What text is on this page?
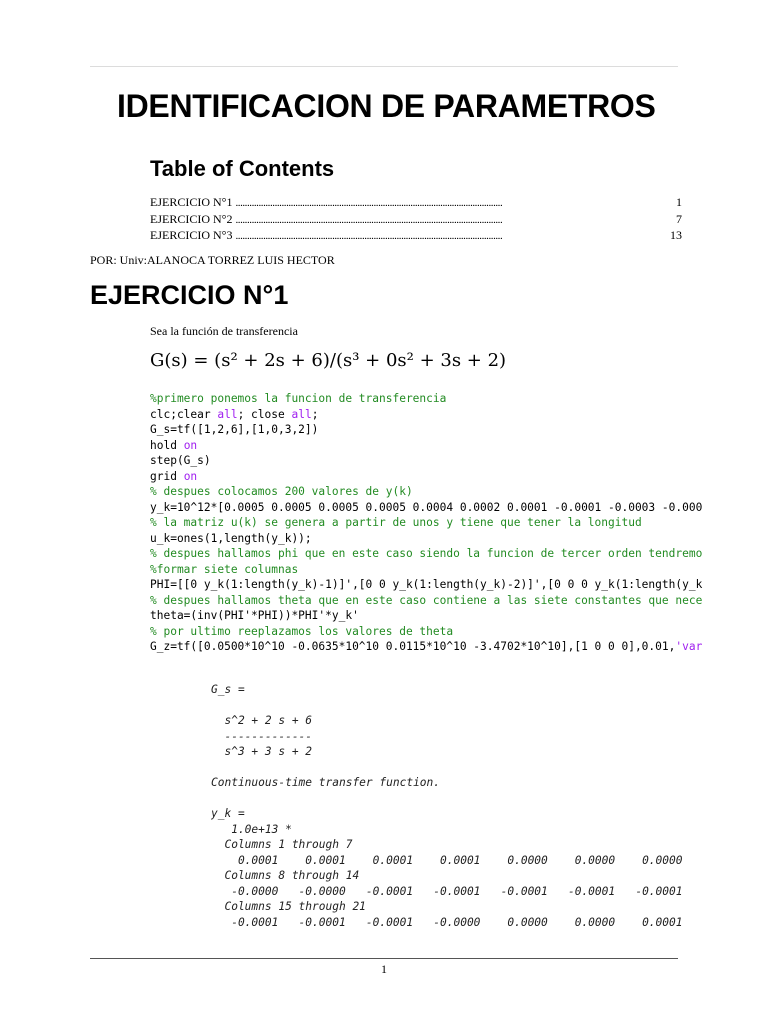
IDENTIFICACION DE PARAMETROS
Table of Contents
EJERCICIO N°1 . . .	1
EJERCICIO N°2 . . .	7
EJERCICIO N°3 . . .	13
POR: Univ:ALANOCA TORREZ LUIS HECTOR
EJERCICIO N°1
Sea la función de transferencia
G(s) = (s² + 2s + 6)/(s³ + 0s² + 3s + 2)
%primero ponemos la funcion de transferencia
clc;clear all; close all;
G_s=tf([1,2,6],[1,0,3,2])
hold on
step(G_s)
grid on
% despues colocamos 200 valores de y(k)
y_k=10^12*[0.0005 0.0005 0.0005 0.0005 0.0004 0.0002 0.0001 -0.0001 -0.0003 -0.000
% la matriz u(k) se genera a partir de unos y tiene que tener la longitud
u_k=ones(1,length(y_k));
% despues hallamos phi que en este caso siendo la funcion de tercer orden tendremo
%formar siete columnas
PHI=[[0 y_k(1:length(y_k)-1)]',[0 0 y_k(1:length(y_k)-2)]',[0 0 0 y_k(1:length(y_k
% despues hallamos theta que en este caso contiene a las siete constantes que nece
theta=(inv(PHI'*PHI))*PHI'*y_k'
% por ultimo reeplazamos los valores de theta
G_z=tf([0.0500*10^10 -0.0635*10^10 0.0115*10^10 -3.4702*10^10],[1 0 0 0],0.01,'var
G_s =
s^2 + 2 s + 6
-------------
s^3 + 3 s + 2
Continuous-time transfer function.
y_k =
1.0e+13 *
Columns 1 through 7
0.0001    0.0001    0.0001    0.0001    0.0000    0.0000    0.0000
Columns 8 through 14
-0.0000   -0.0000   -0.0001   -0.0001   -0.0001   -0.0001   -0.0001
Columns 15 through 21
-0.0001   -0.0001   -0.0001   -0.0000    0.0000    0.0000    0.0001
1
